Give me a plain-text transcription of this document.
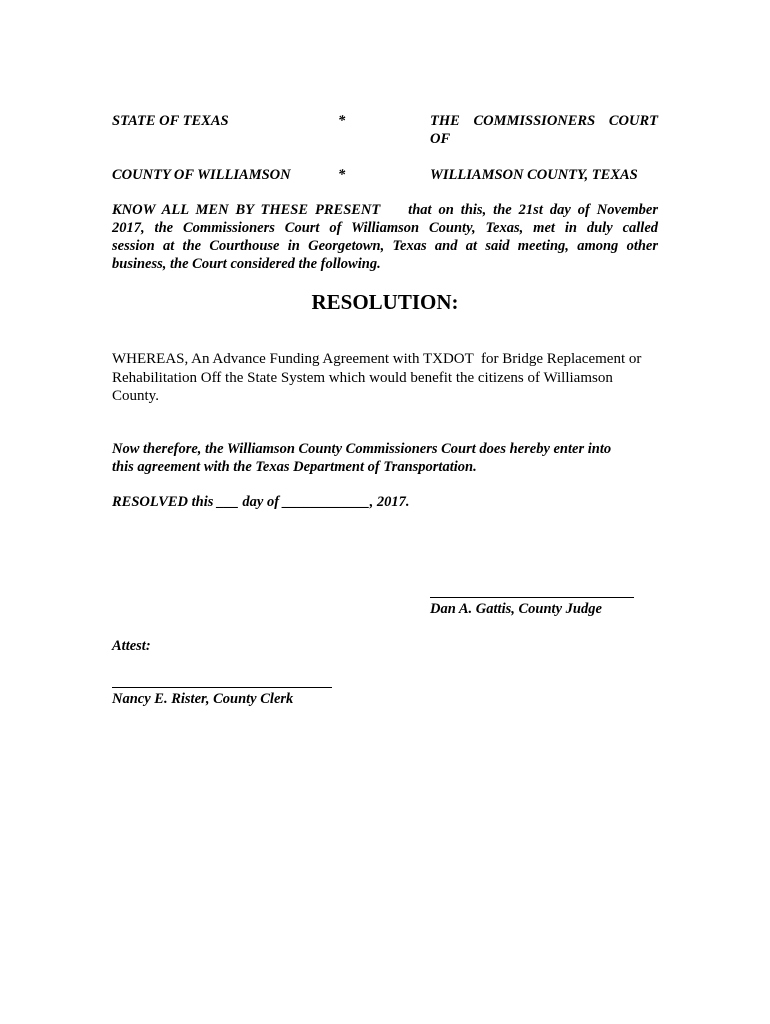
STATE OF TEXAS	*	THE COMMISSIONERS COURT
OF

COUNTY OF WILLIAMSON	*	WILLIAMSON COUNTY, TEXAS

KNOW ALL MEN BY THESE PRESENT    that on this, the 21st day of November
2017, the Commissioners Court of Williamson County, Texas, met in duly called
session at the Courthouse in Georgetown, Texas and at said meeting, among other
business, the Court considered the following.
RESOLUTION:
WHEREAS, An Advance Funding Agreement with TXDOT  for Bridge Replacement or
Rehabilitation Off the State System which would benefit the citizens of Williamson
County.
Now therefore, the Williamson County Commissioners Court does hereby enter into
this agreement with the Texas Department of Transportation.

RESOLVED this ___ day of ____________, 2017.

Dan A. Gattis, County Judge

Attest:

Nancy E. Rister, County Clerk
